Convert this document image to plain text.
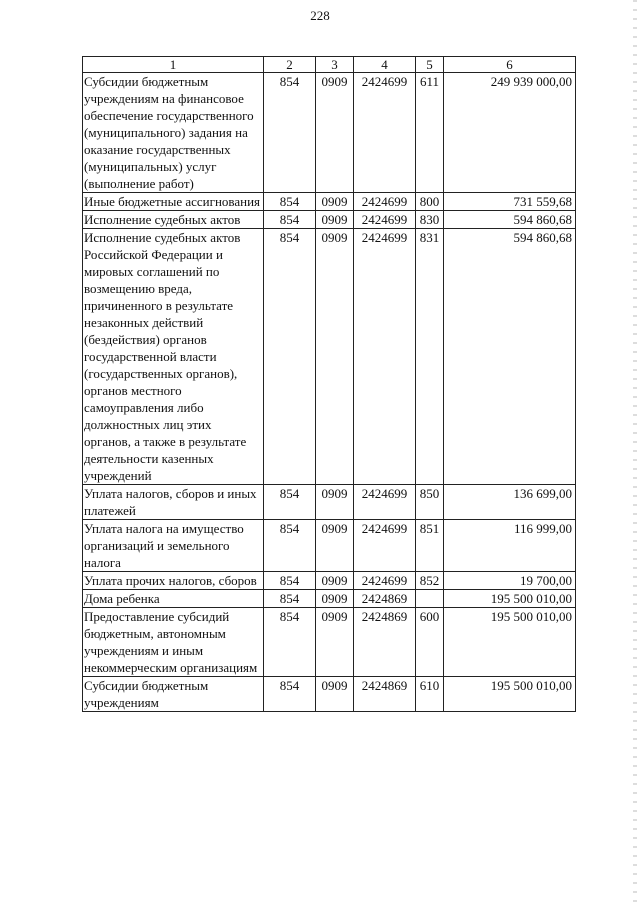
228
1	2	3	4	5	6
Субсидии бюджетным учреждениям на финансовое обеспечение государственного (муниципального) задания на оказание государственных (муниципальных) услуг (выполнение работ)	854	0909	2424699	611	249 939 000,00
Иные бюджетные ассигнования	854	0909	2424699	800	731 559,68
Исполнение судебных актов	854	0909	2424699	830	594 860,68
Исполнение судебных актов Российской Федерации и мировых соглашений по возмещению вреда, причиненного в результате незаконных действий (бездействия) органов государственной власти (государственных органов), органов местного самоуправления либо должностных лиц этих органов, а также в результате деятельности казенных учреждений	854	0909	2424699	831	594 860,68
Уплата налогов, сборов и иных платежей	854	0909	2424699	850	136 699,00
Уплата налога на имущество организаций и земельного налога	854	0909	2424699	851	116 999,00
Уплата прочих налогов, сборов	854	0909	2424699	852	19 700,00
Дома ребенка	854	0909	2424869		195 500 010,00
Предоставление субсидий бюджетным, автономным учреждениям и иным некоммерческим организациям	854	0909	2424869	600	195 500 010,00
Субсидии бюджетным учреждениям	854	0909	2424869	610	195 500 010,00
